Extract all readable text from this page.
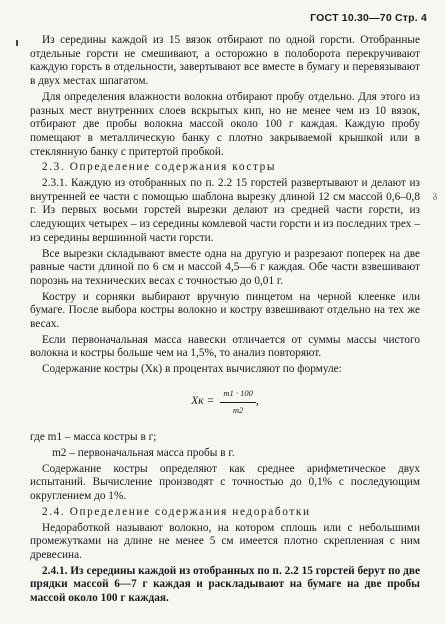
ГОСТ 10.30—70 Стр. 4
ᵹ

Из середины каждой из 15 вязок отбирают по одной горсти. Отобранные отдельные горсти не смешивают, а осторожно в полоборота перекручивают каждую горсть в отдельности, завертывают все вместе в бумагу и перевязывают в двух местах шпагатом.

Для определения влажности волокна отбирают пробу отдельно. Для этого из разных мест внутренних слоев вскрытых кип, но не менее чем из 10 вязок, отбирают две пробы волокна массой около 100 г каждая. Каждую пробу помещают в металлическую банку с плотно закрываемой крышкой или в стеклянную банку с притертой пробкой.

2.3. Определение содержания костры

2.3.1. Каждую из отобранных по п. 2.2 15 горстей развертывают и делают из внутренней ее части с помощью шаблона вырезку длиной 12 см массой 0,6–0,8 г. Из первых восьми горстей вырезки делают из средней части горсти, из следующих четырех – из середины комлевой части горсти и из последних трех – из середины вершинной части горсти.

Все вырезки складывают вместе одна на другую и разрезают поперек на две равные части длиной по 6 см и массой 4,5—6 г каждая. Обе части взвешивают порознь на технических весах с точностью до 0,01 г.

Костру и сорняки выбирают вручную пинцетом на черной клеенке или бумаге. После выбора костры волокно и костру взвешивают отдельно на тех же весах.

Если первоначальная масса навески отличается от суммы массы чистого волокна и костры больше чем на 1,5%, то анализ повторяют.

Содержание костры (Xк) в процентах вычисляют по формуле:

Xк = $\frac{m1 \cdot 100}{m2}$ ,

где m1 – масса костры в г;

m2 – первоначальная масса пробы в г.

Содержание костры определяют как среднее арифметическое двух испытаний. Вычисление производят с точностью до 0,1% с последующим округлением до 1%.

2.4. Определение содержания недоработки

Недоработкой называют волокно, на котором сплошь или с небольшими промежутками на длине не менее 5 см имеется плотно скрепленная с ним древесина.

2.4.1. Из середины каждой из отобранных по п. 2.2 15 горстей берут по две прядки массой 6—7 г каждая и раскладывают на бумаге на две пробы массой около 100 г каждая.
